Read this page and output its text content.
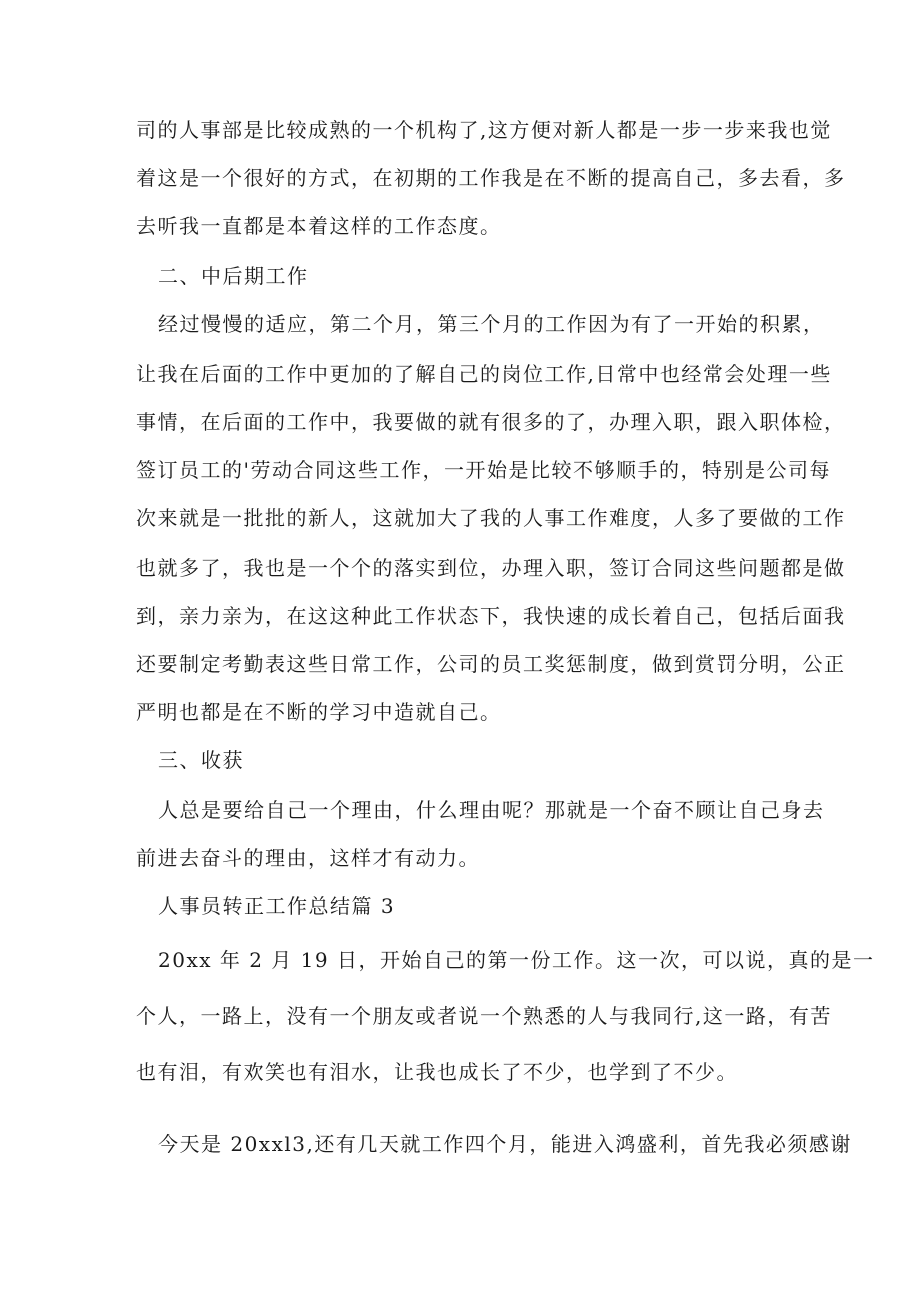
司的人事部是比较成熟的一个机构了,这方便对新人都是一步一步来我也觉
着这是一个很好的方式，在初期的工作我是在不断的提高自己，多去看，多
去听我一直都是本着这样的工作态度。
二、中后期工作
经过慢慢的适应，第二个月，第三个月的工作因为有了一开始的积累，
让我在后面的工作中更加的了解自己的岗位工作,日常中也经常会处理一些
事情，在后面的工作中，我要做的就有很多的了，办理入职，跟入职体检，
签订员工的'劳动合同这些工作，一开始是比较不够顺手的，特别是公司每
次来就是一批批的新人，这就加大了我的人事工作难度，人多了要做的工作
也就多了，我也是一个个的落实到位，办理入职，签订合同这些问题都是做
到，亲力亲为，在这这种此工作状态下，我快速的成长着自己，包括后面我
还要制定考勤表这些日常工作，公司的员工奖惩制度，做到赏罚分明，公正
严明也都是在不断的学习中造就自己。
三、收获
人总是要给自己一个理由，什么理由呢？那就是一个奋不顾让自己身去
前进去奋斗的理由，这样才有动力。
人事员转正工作总结篇 3
20xx 年 2 月 19 日，开始自己的第一份工作。这一次，可以说，真的是一
个人，一路上，没有一个朋友或者说一个熟悉的人与我同行,这一路，有苦
也有泪，有欢笑也有泪水，让我也成长了不少，也学到了不少。
今天是 20xxl3,还有几天就工作四个月，能进入鸿盛利，首先我必须感谢
